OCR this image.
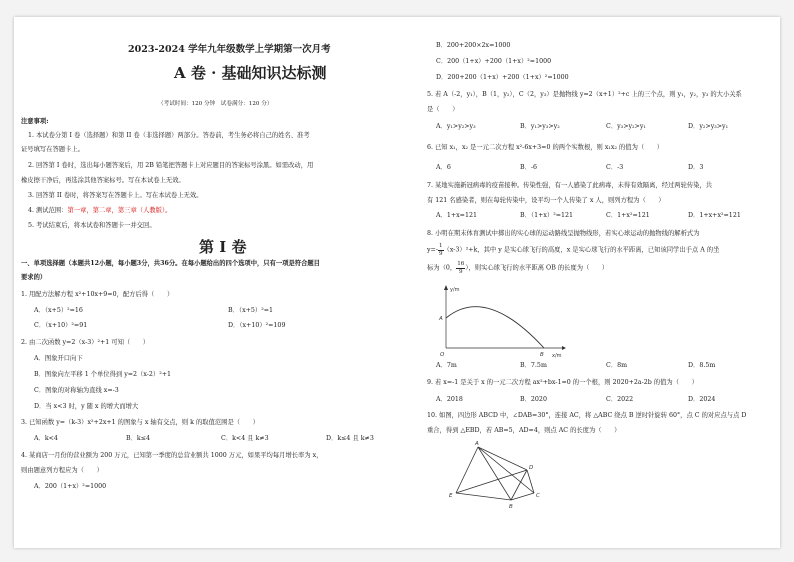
2023-2024 学年九年级数学上学期第一次月考
A 卷 · 基础知识达标测
（考试时间：120 分钟　试卷满分：120 分）
注意事项:
1. 本试卷分第 I 卷（选择题）和第 II 卷（非选择题）两部分。答卷前，考生务必将自己的姓名、准考
证号填写在答题卡上。
2. 回答第 I 卷时，选出每小题答案后，用 2B 铅笔把答题卡上对应题目的答案标号涂黑。如需改动，用
橡皮擦干净后，再选涂其他答案标号。写在本试卷上无效。
3. 回答第 II 卷时，将答案写在答题卡上。写在本试卷上无效。
4. 测试范围：第一章，第二章，第三章（人教版）。
5. 考试结束后，将本试卷和答题卡一并交回。
第 I 卷
一、单项选择题（本题共12小题，每小题3分，共36分。在每小题给出的四个选项中，只有一项是符合题目
要求的）
1. 用配方法解方程 x²+10x+9=0，配方后得（　　）
A．（x+5）²=16	B．（x+5）²=1
C．（x+10）²=91	D．（x+10）²=109
2. 由二次函数 y=2（x-3）²+1 可知（　　）
A．图象开口向下
B．图象向左平移 1 个单位得到 y=2（x-2）²+1
C．图象的对称轴为直线 x=-3
D．当 x<3 时，y 随 x 的增大而增大
3. 已知函数 y=（k-3）x²+2x+1 的图象与 x 轴有交点，则 k 的取值范围是（　　）
A．k<4	B．k≤4	C．k<4 且 k≠3	D．k≤4 且 k≠3
4. 某商店一月份的营业额为 200 万元，已知第一季度的总营业额共 1000 万元，如果平均每月增长率为 x，
则由题意列方程应为（　　）
A．200（1+x）²=1000
B．200+200×2x=1000
C．200（1+x）+200（1+x）²=1000
D．200+200（1+x）+200（1+x）²=1000
5. 若 A（-2，y₁），B（1，y₂），C（2，y₃）是抛物线 y=2（x+1）²+c 上的三个点，则 y₁，y₂，y₃ 的大小关系
是（　　）
A．y₁>y₂>y₃	B．y₁>y₃>y₂	C．y₃>y₂>y₁	D．y₂>y₃>y₁
6. 已知 x₁，x₂ 是一元二次方程 x²-6x+3=0 的两个实数根，则 x₁x₂ 的值为（　　）
A．6	B．-6	C．-3	D．3
7. 某地实施新冠病毒的疫苗接种。传染性强，有一人感染了此病毒，未得有效隔离，经过两轮传染，共
有 121 名感染者，则在每轮传染中，设平均一个人传染了 x 人，则列方程为（　　）
A．1+x=121	B．（1+x）²=121	C．1+x²=121	D．1+x+x²=121
8. 小明在期末体育测试中掷出的实心球的运动路线呈抛物线形，若实心球运动的抛物线的解析式为
$y=- \frac{1}{9} (x-3)^2+k$，其中 y 是实心球飞行的高度，x 是实心球飞行的水平距离，已知该同学出手点 A 的坐
标为（0， $\frac{16}{9}$ ），则实心球飞行的水平距离 OB 的长度为（　　）
y/m
x/m
A
O	B
A．7m	B．7.5m	C．8m	D．8.5m
9. 若 x=-1 是关于 x 的一元二次方程 ax²+bx-1=0 的一个根，则 2020+2a-2b 的值为（　　）
A．2018	B．2020	C．2022	D．2024
10. 如图，四边形 ABCD 中，∠DAB=30°，连接 AC，将 △ABC 绕点 B 逆时针旋转 60°，点 C 的对应点与点 D
重合，得到 △EBD，若 AB=5，AD=4，则点 AC 的长度为（　　）
A
D
C
B
E
